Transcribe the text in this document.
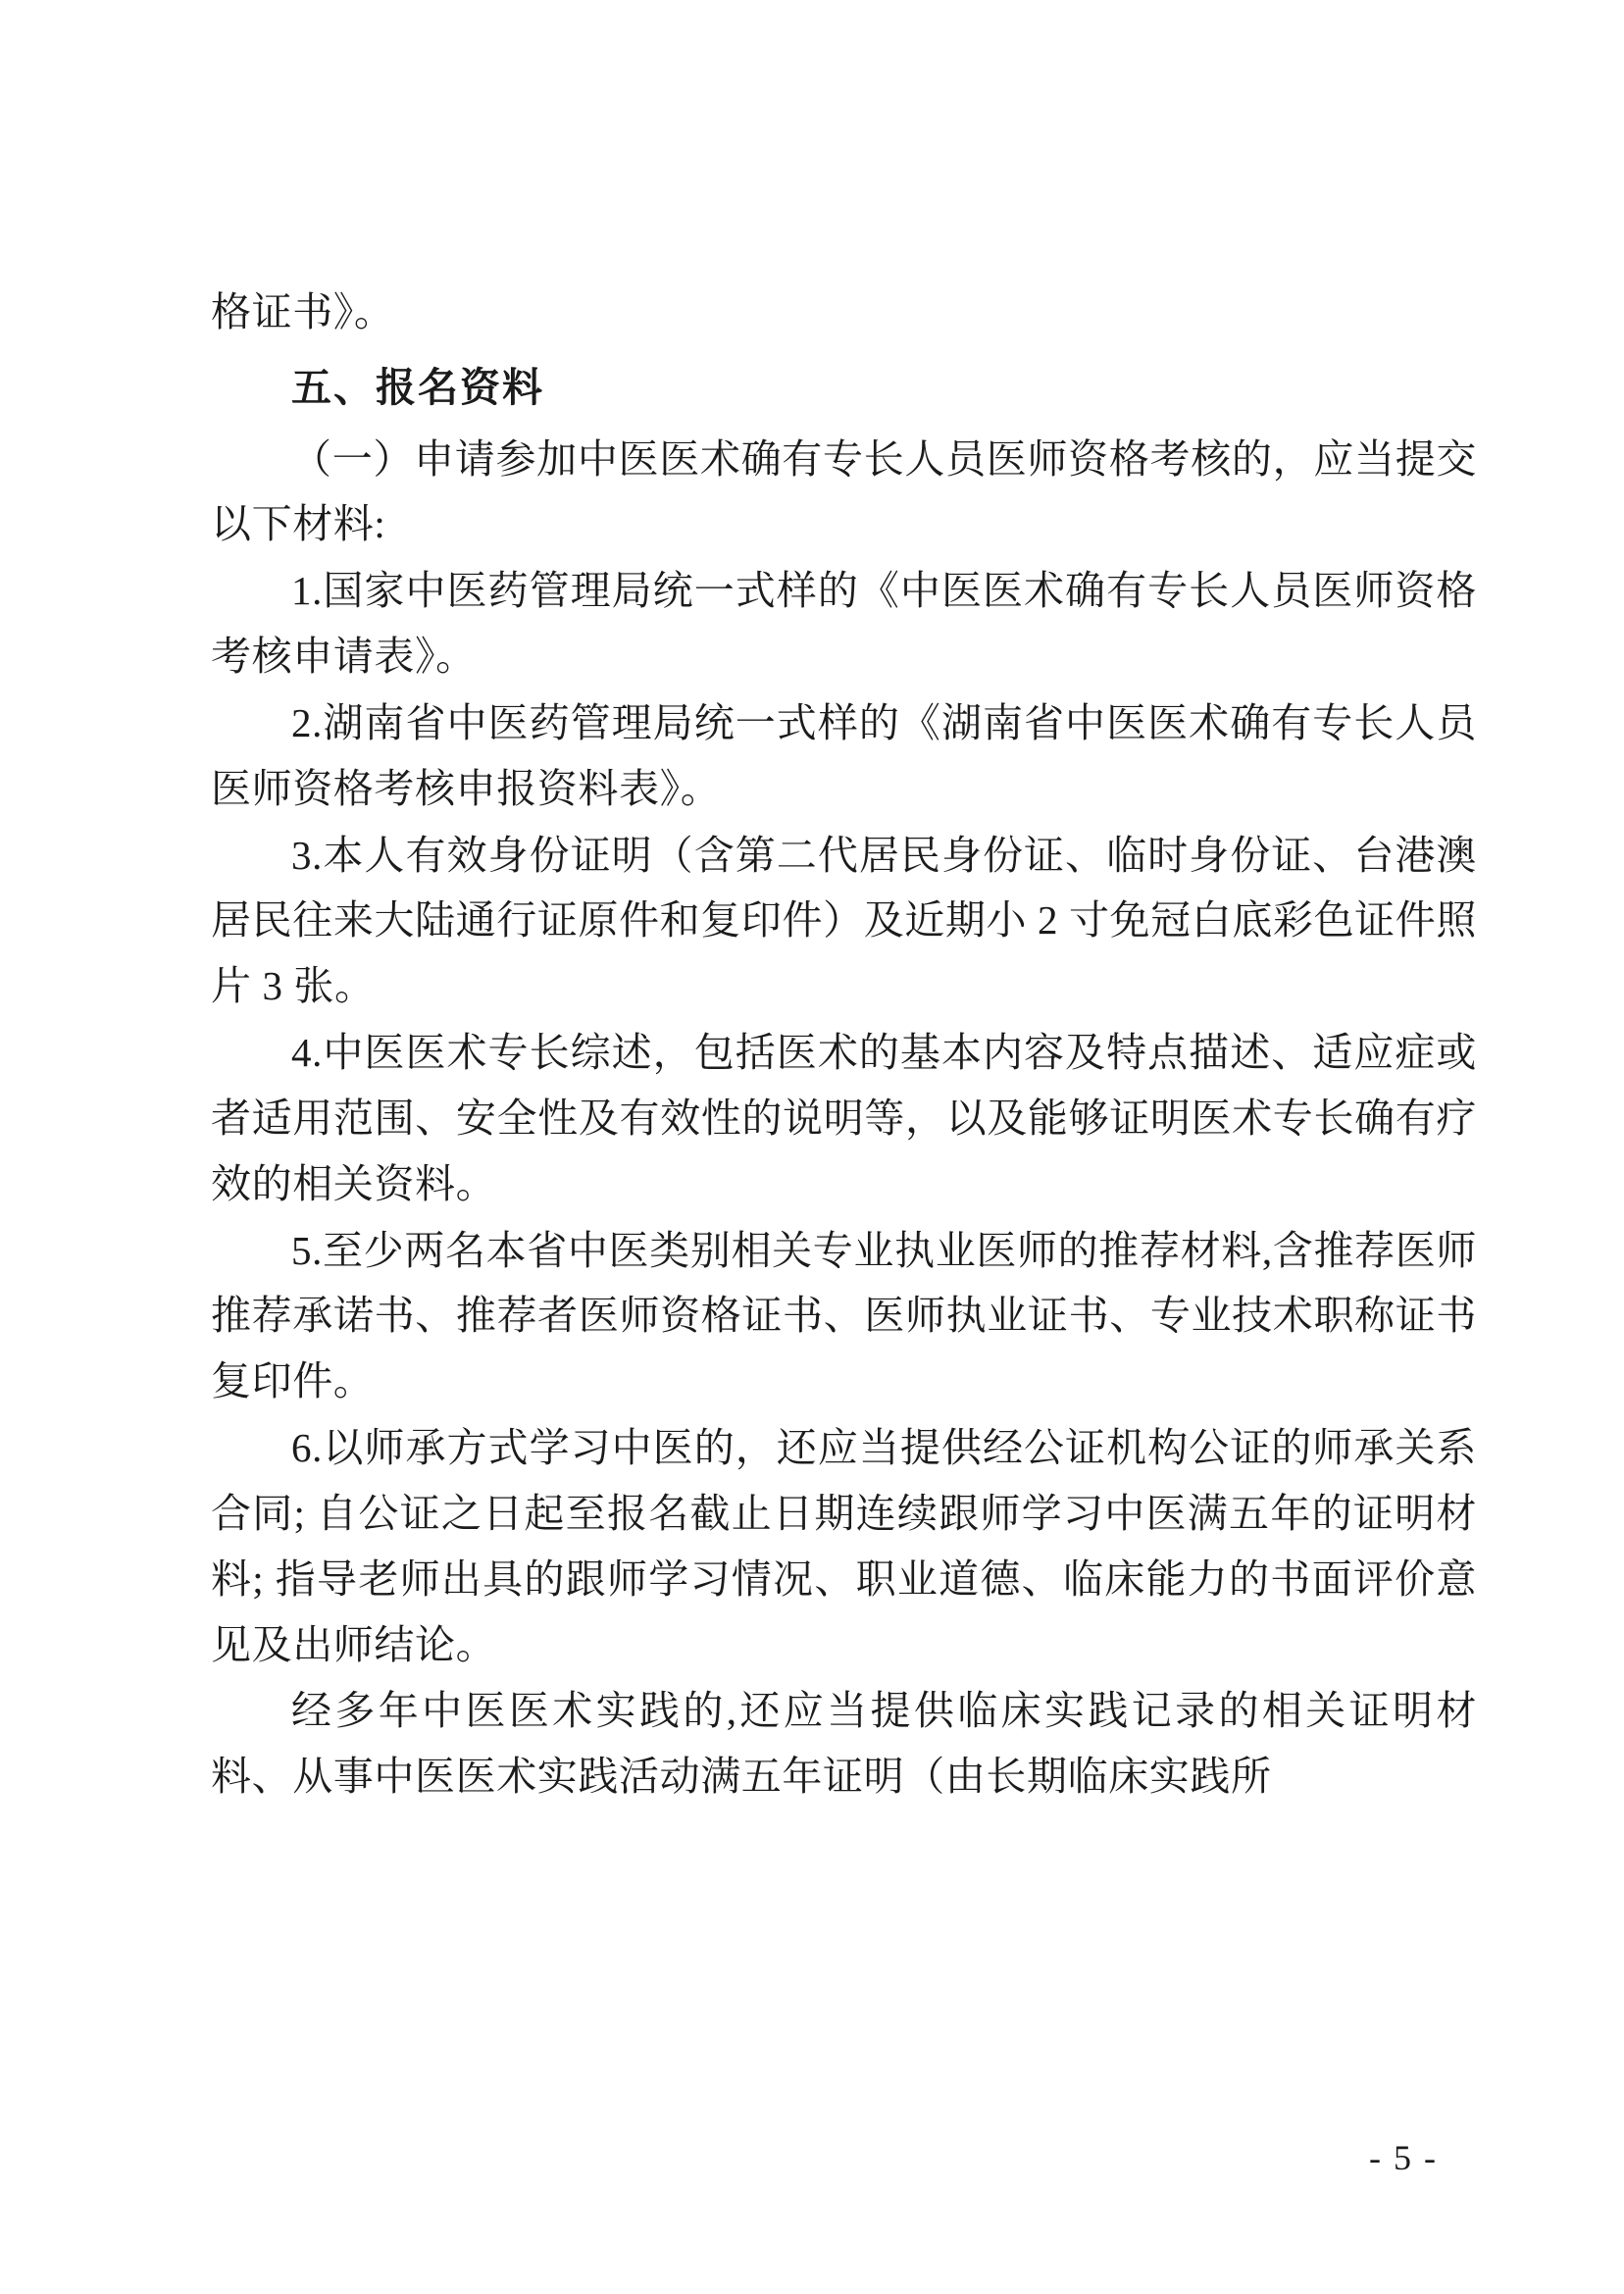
格证书》。

五、报名资料

（一）申请参加中医医术确有专长人员医师资格考核的，应当提交以下材料:

1.国家中医药管理局统一式样的《中医医术确有专长人员医师资格考核申请表》。

2.湖南省中医药管理局统一式样的《湖南省中医医术确有专长人员医师资格考核申报资料表》。

3.本人有效身份证明（含第二代居民身份证、临时身份证、台港澳居民往来大陆通行证原件和复印件）及近期小 2 寸免冠白底彩色证件照片 3 张。

4.中医医术专长综述，包括医术的基本内容及特点描述、适应症或者适用范围、安全性及有效性的说明等，以及能够证明医术专长确有疗效的相关资料。

5.至少两名本省中医类别相关专业执业医师的推荐材料,含推荐医师推荐承诺书、推荐者医师资格证书、医师执业证书、专业技术职称证书复印件。

6.以师承方式学习中医的，还应当提供经公证机构公证的师承关系合同; 自公证之日起至报名截止日期连续跟师学习中医满五年的证明材料; 指导老师出具的跟师学习情况、职业道德、临床能力的书面评价意见及出师结论。

经多年中医医术实践的,还应当提供临床实践记录的相关证明材料、从事中医医术实践活动满五年证明（由长期临床实践所

- 5 -
